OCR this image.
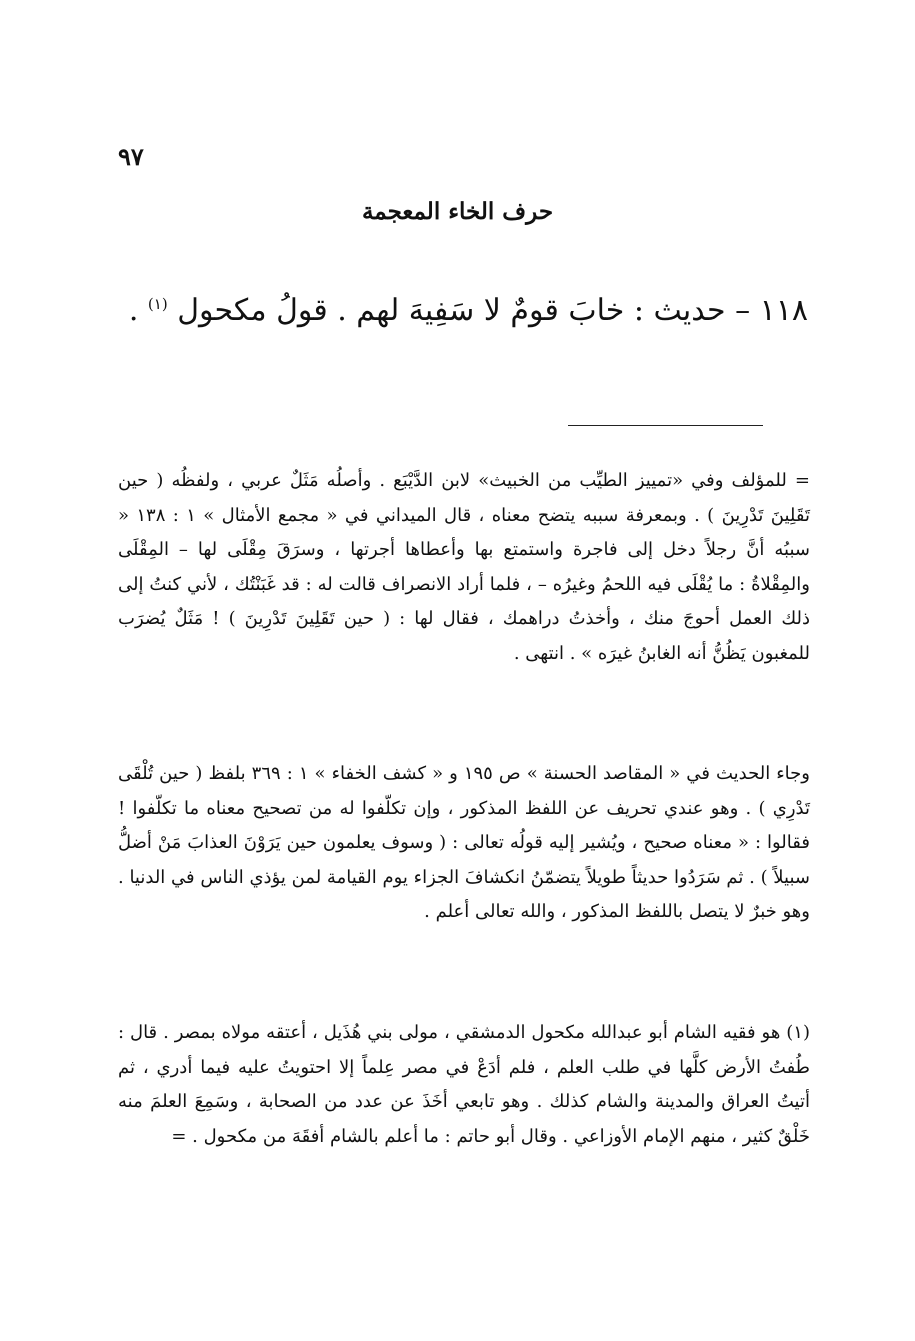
٩٧
حرف الخاء المعجمة
١١٨ – حديث : خابَ قومٌ لا سَفِيهَ لهم . قولُ مكحول $^{(١)}$ .
= للمؤلف وفي «تمييز الطيِّب من الخبيث» لابن الدَّيْبَع . وأصلُه مَثَلٌ عربي ، ولفظُه ( حين تَقَلِينَ تَدْرِينَ ) . وبمعرفة سببه يتضح معناه ، قال الميداني في « مجمع الأمثال » ١ : ١٣٨ « سببُه أنَّ رجلاً دخل إلى فاجرة واستمتع بها وأعطاها أجرتها ، وسرَقَ مِقْلَى لها – المِقْلَى والمِقْلاةُ : ما يُقْلَى فيه اللحمُ وغيرُه – ، فلما أراد الانصراف قالت له : قد غَبَنْتُك ، لأني كنتُ إلى ذلك العمل أحوجَ منك ، وأخذتُ دراهمك ، فقال لها : ( حين تَقَلِينَ تَدْرِينَ ) ! مَثَلٌ يُضرَب للمغبون يَظُنُّ أنه الغابنُ غيرَه » . انتهى .
وجاء الحديث في « المقاصد الحسنة » ص ١٩٥ و « كشف الخفاء » ١ : ٣٦٩ بلفظ ( حين تُلْقَى تَدْرِي ) . وهو عندي تحريف عن اللفظ المذكور ، وإن تكلّفوا له من تصحيح معناه ما تكلّفوا ! فقالوا : « معناه صحيح ، ويُشير إليه قولُه تعالى : ( وسوف يعلمون حين يَرَوْنَ العذابَ مَنْ أضلُّ سبيلاً ) . ثم سَرَدُوا حديثاً طويلاً يتضمّنُ انكشافَ الجزاء يوم القيامة لمن يؤذي الناس في الدنيا . وهو خبرٌ لا يتصل باللفظ المذكور ، والله تعالى أعلم .
(١) هو فقيه الشام أبو عبدالله مكحول الدمشقي ، مولى بني هُذَيل ، أعتقه مولاه بمصر . قال : طُفتُ الأرض كلَّها في طلب العلم ، فلم أدَعْ في مصر عِلماً إلا احتويتُ عليه فيما أدري ، ثم أتيتُ العراق والمدينة والشام كذلك . وهو تابعي أخَذَ عن عدد من الصحابة ، وسَمِعَ العلمَ منه خَلْقٌ كثير ، منهم الإمام الأوزاعي . وقال أبو حاتم : ما أعلم بالشام أفقَهَ من مكحول . =
